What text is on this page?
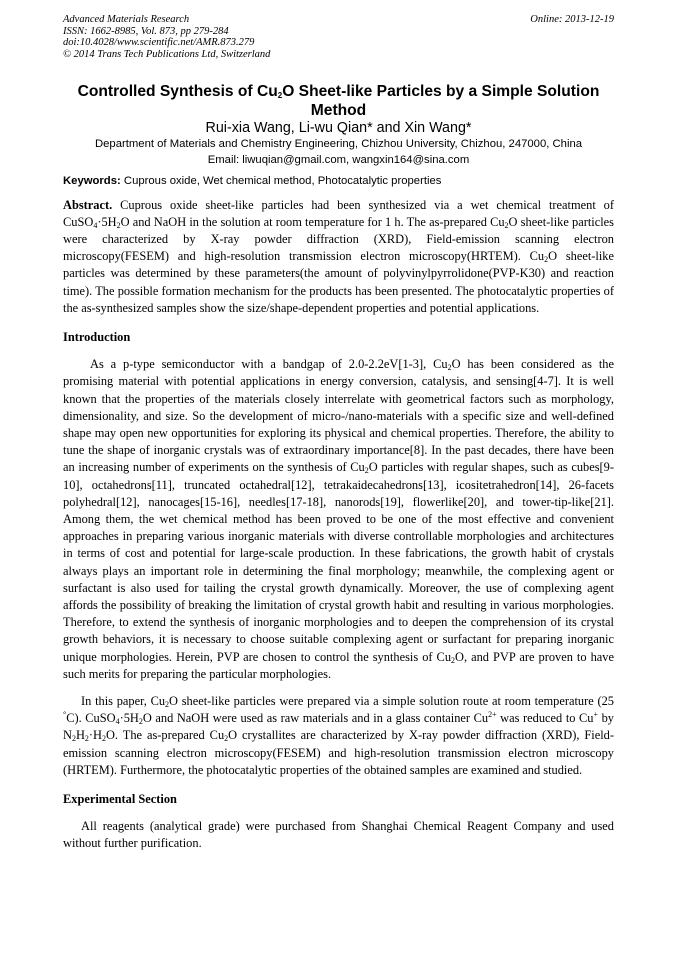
Advanced Materials Research
ISSN: 1662-8985, Vol. 873, pp 279-284
doi:10.4028/www.scientific.net/AMR.873.279
© 2014 Trans Tech Publications Ltd, Switzerland
Online: 2013-12-19
Controlled Synthesis of $Cu_2O$ Sheet-like Particles by a Simple Solution Method
Rui-xia Wang, Li-wu Qian* and Xin Wang*
Department of Materials and Chemistry Engineering, Chizhou University, Chizhou, 247000, China
Email: liwuqian@gmail.com, wangxin164@sina.com
Keywords: Cuprous oxide, Wet chemical method, Photocatalytic properties
Abstract. Cuprous oxide sheet-like particles had been synthesized via a wet chemical treatment of $CuSO_4\cdot 5H_2O$ and NaOH in the solution at room temperature for 1 h. The as-prepared $Cu_2O$ sheet-like particles were characterized by X-ray powder diffraction (XRD), Field-emission scanning electron microscopy(FESEM) and high-resolution transmission electron microscopy(HRTEM). $Cu_2O$ sheet-like particles was determined by these parameters(the amount of polyvinylpyrrolidone(PVP-K30) and reaction time). The possible formation mechanism for the products has been presented. The photocatalytic properties of the as-synthesized samples show the size/shape-dependent properties and potential applications.
Introduction
As a p-type semiconductor with a bandgap of 2.0-2.2eV[1-3], $Cu_2O$ has been considered as the promising material with potential applications in energy conversion, catalysis, and sensing[4-7]. It is well known that the properties of the materials closely interrelate with geometrical factors such as morphology, dimensionality, and size. So the development of micro-/nano-materials with a specific size and well-defined shape may open new opportunities for exploring its physical and chemical properties. Therefore, the ability to tune the shape of inorganic crystals was of extraordinary importance[8]. In the past decades, there have been an increasing number of experiments on the synthesis of $Cu_2O$ particles with regular shapes, such as cubes[9-10], octahedrons[11], truncated octahedral[12], tetrakaidecahedrons[13], icositetrahedron[14], 26-facets polyhedral[12], nanocages[15-16], needles[17-18], nanorods[19], flowerlike[20], and tower-tip-like[21]. Among them, the wet chemical method has been proved to be one of the most effective and convenient approaches in preparing various inorganic materials with diverse controllable morphologies and architectures in terms of cost and potential for large-scale production. In these fabrications, the growth habit of crystals always plays an important role in determining the final morphology; meanwhile, the complexing agent or surfactant is also used for tailing the crystal growth dynamically. Moreover, the use of complexing agent affords the possibility of breaking the limitation of crystal growth habit and resulting in various morphologies. Therefore, to extend the synthesis of inorganic morphologies and to deepen the comprehension of its crystal growth behaviors, it is necessary to choose suitable complexing agent or surfactant for preparing inorganic unique morphologies. Herein, PVP are chosen to control the synthesis of $Cu_2O$, and PVP are proven to have such merits for preparing the particular morphologies.
In this paper, $Cu_2O$ sheet-like particles were prepared via a simple solution route at room temperature (25 °C). $CuSO_4\cdot 5H_2O$ and NaOH were used as raw materials and in a glass container $Cu^{2+}$ was reduced to Cu+ by $N_2H_2\cdot H_2O$. The as-prepared $Cu_2O$ crystallites are characterized by X-ray powder diffraction (XRD), Field-emission scanning electron microscopy(FESEM) and high-resolution transmission electron microscopy (HRTEM). Furthermore, the photocatalytic properties of the obtained samples are examined and studied.
Experimental Section
All reagents (analytical grade) were purchased from Shanghai Chemical Reagent Company and used without further purification.
